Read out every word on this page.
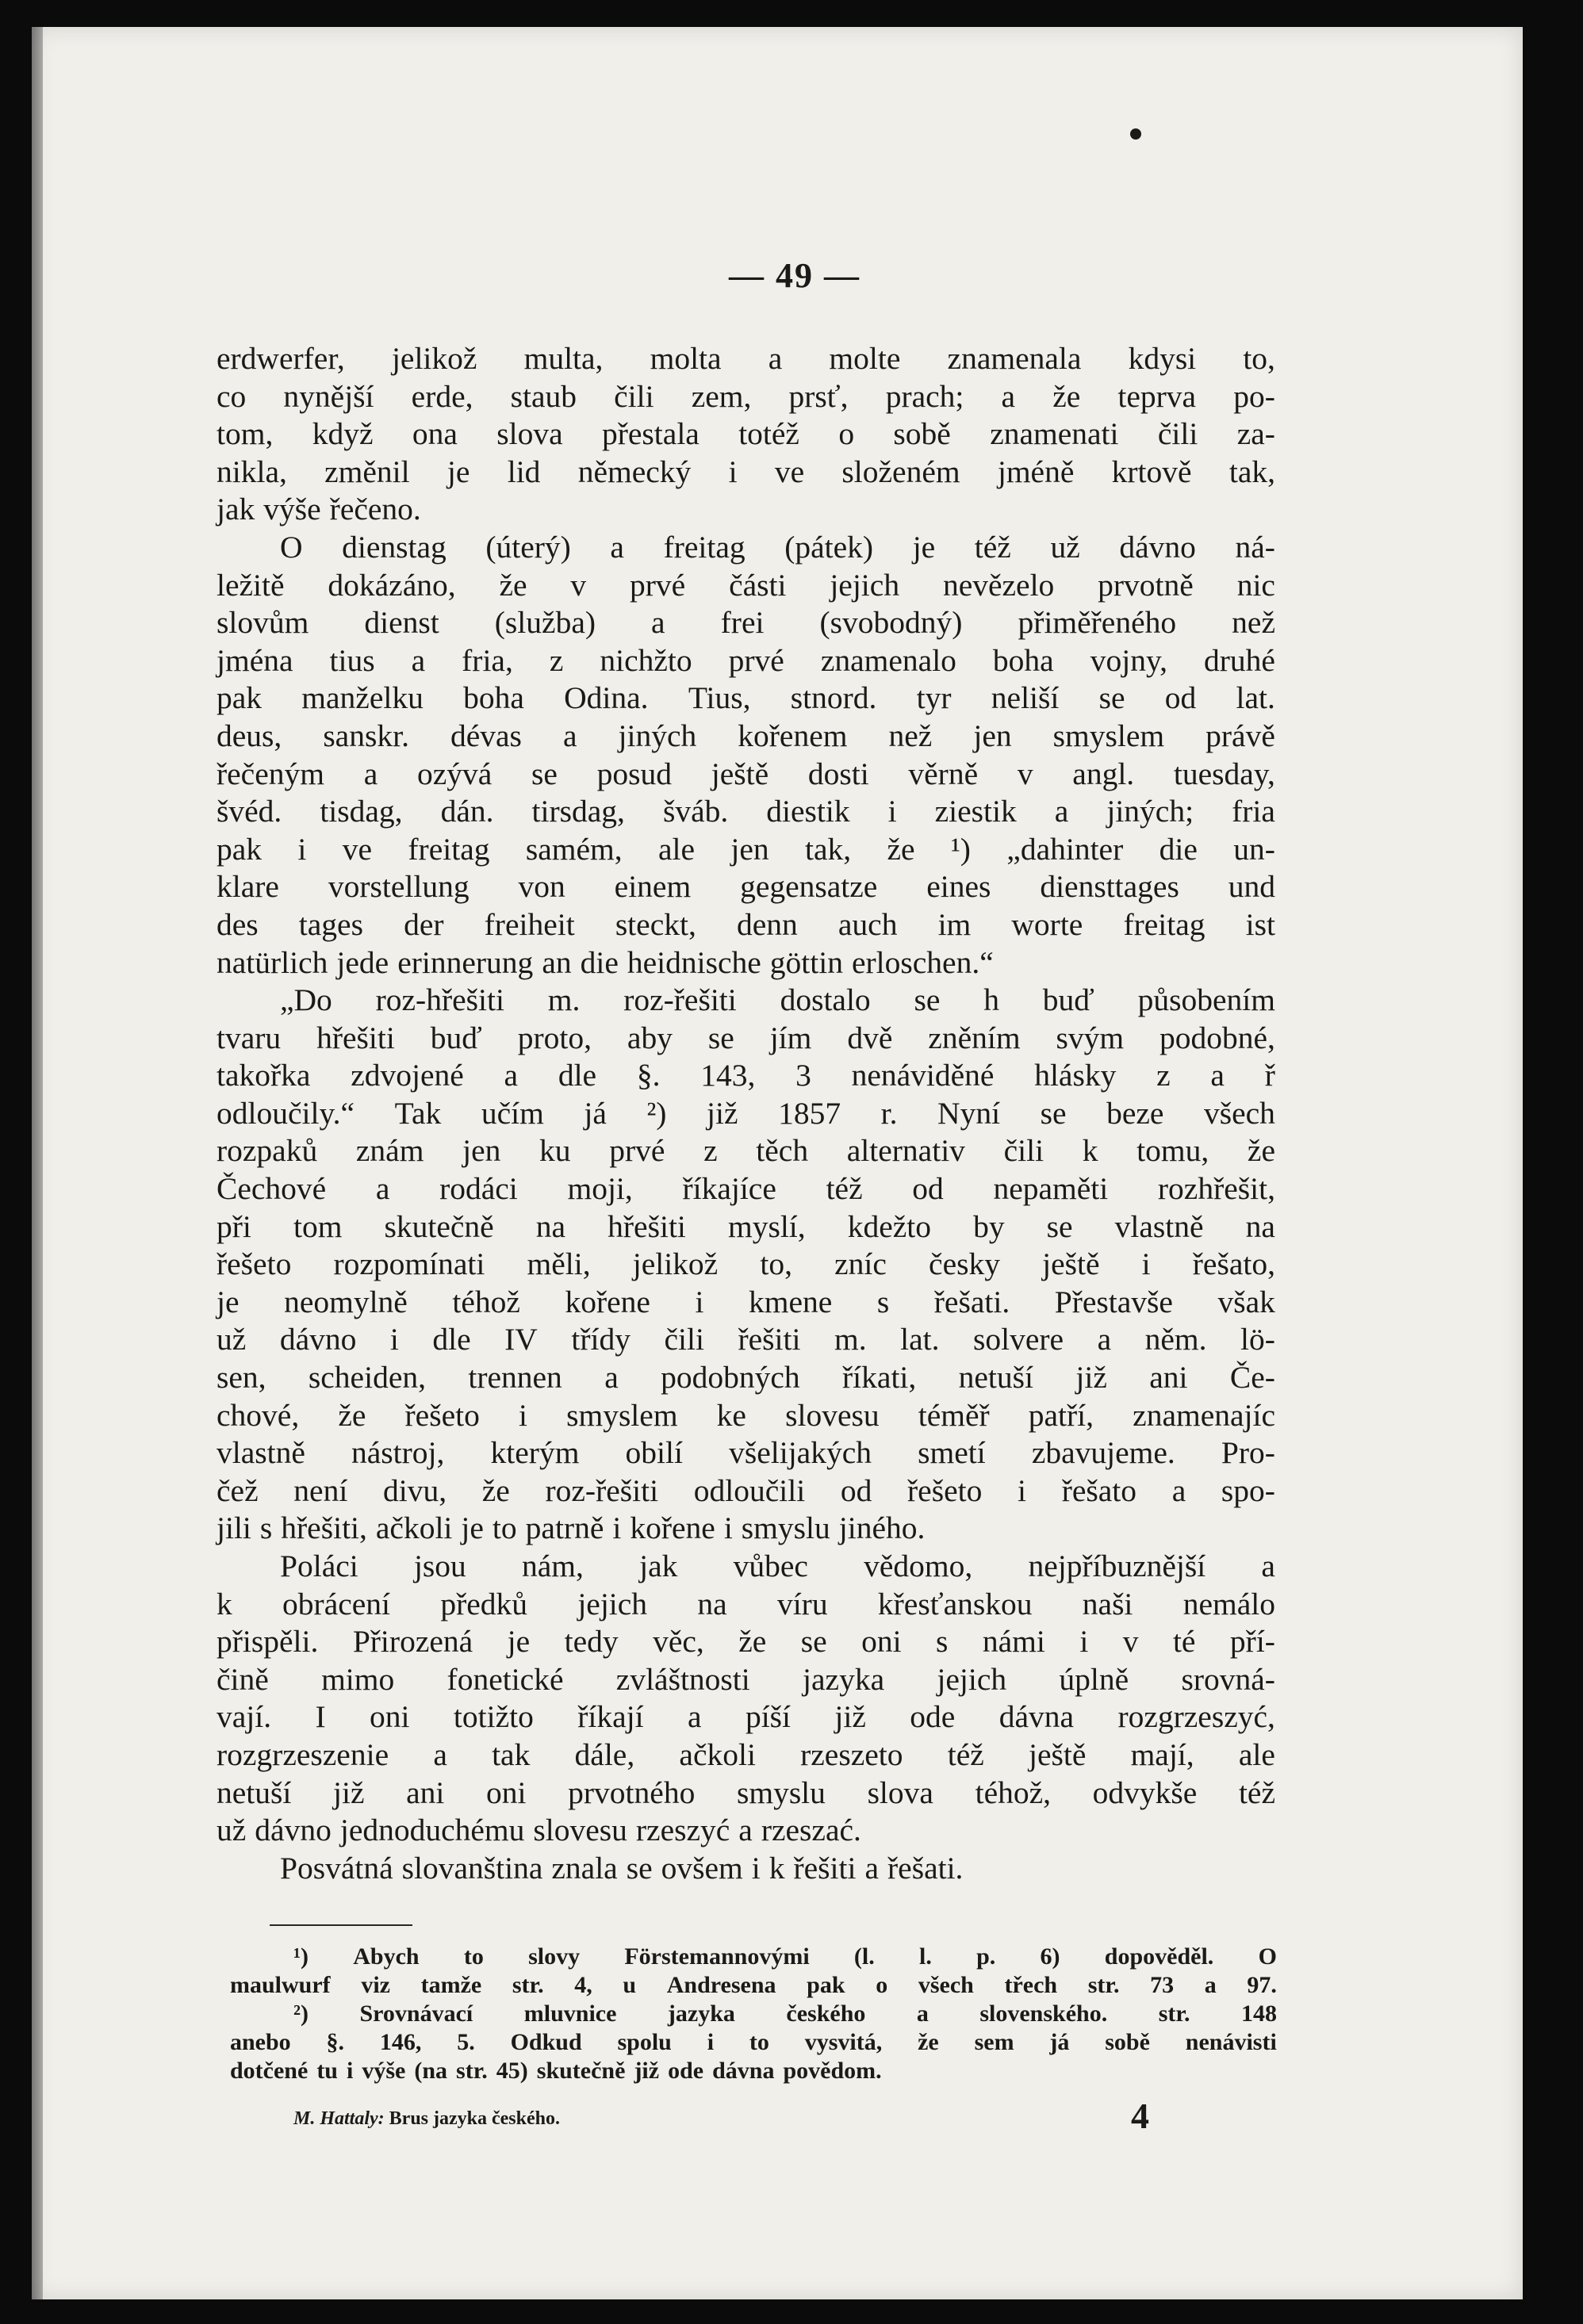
— 49 —
erdwerfer, jelikož multa, molta a molte znamenala kdysi to,
co nynější erde, staub čili zem, prsť, prach; a že teprva po-
tom, když ona slova přestala totéž o sobě znamenati čili za-
nikla, změnil je lid německý i ve složeném jméně krtově tak,
jak výše řečeno.
O dienstag (úterý) a freitag (pátek) je též už dávno ná-
ležitě dokázáno, že v prvé části jejich nevězelo prvotně nic
slovům dienst (služba) a frei (svobodný) přiměřeného než
jména tius a fria, z nichžto prvé znamenalo boha vojny, druhé
pak manželku boha Odina. Tius, stnord. tyr neliší se od lat.
deus, sanskr. dévas a jiných kořenem než jen smyslem právě
řečeným a ozývá se posud ještě dosti věrně v angl. tuesday,
švéd. tisdag, dán. tirsdag, šváb. diestik i ziestik a jiných; fria
pak i ve freitag samém, ale jen tak, že ¹) „dahinter die un-
klare vorstellung von einem gegensatze eines diensttages und
des tages der freiheit steckt, denn auch im worte freitag ist
natürlich jede erinnerung an die heidnische göttin erloschen.“
„Do roz-hřešiti m. roz-řešiti dostalo se h buď působením
tvaru hřešiti buď proto, aby se jím dvě zněním svým podobné,
takořka zdvojené a dle §. 143, 3 nenáviděné hlásky z a ř
odloučily.“ Tak učím já ²) již 1857 r. Nyní se beze všech
rozpaků znám jen ku prvé z těch alternativ čili k tomu, že
Čechové a rodáci moji, říkajíce též od nepaměti rozhřešit,
při tom skutečně na hřešiti myslí, kdežto by se vlastně na
řešeto rozpomínati měli, jelikož to, zníc česky ještě i řešato,
je neomylně téhož kořene i kmene s řešati. Přestavše však
už dávno i dle IV třídy čili řešiti m. lat. solvere a něm. lö-
sen, scheiden, trennen a podobných říkati, netuší již ani Če-
chové, že řešeto i smyslem ke slovesu téměř patří, znamenajíc
vlastně nástroj, kterým obilí všelijakých smetí zbavujeme. Pro-
čež není divu, že roz-řešiti odloučili od řešeto i řešato a spo-
jili s hřešiti, ačkoli je to patrně i kořene i smyslu jiného.
Poláci jsou nám, jak vůbec vědomo, nejpříbuznější a
k obrácení předků jejich na víru křesťanskou naši nemálo
přispěli. Přirozená je tedy věc, že se oni s námi i v té pří-
čině mimo fonetické zvláštnosti jazyka jejich úplně srovná-
vají. I oni totižto říkají a píší již ode dávna rozgrzeszyć,
rozgrzeszenie a tak dále, ačkoli rzeszeto též ještě mají, ale
netuší již ani oni prvotného smyslu slova téhož, odvykše též
už dávno jednoduchému slovesu rzeszyć a rzeszać.
Posvátná slovanština znala se ovšem i k řešiti a řešati.
¹) Abych to slovy Förstemannovými (l. l. p. 6) dopověděl. O
maulwurf viz tamže str. 4, u Andresena pak o všech třech str. 73 a 97.
²) Srovnávací mluvnice jazyka českého a slovenského. str. 148
anebo §. 146, 5. Odkud spolu i to vysvitá, že sem já sobě nenávisti
dotčené tu i výše (na str. 45) skutečně již ode dávna povědom.
M. Hattaly: Brus jazyka českého.	4
